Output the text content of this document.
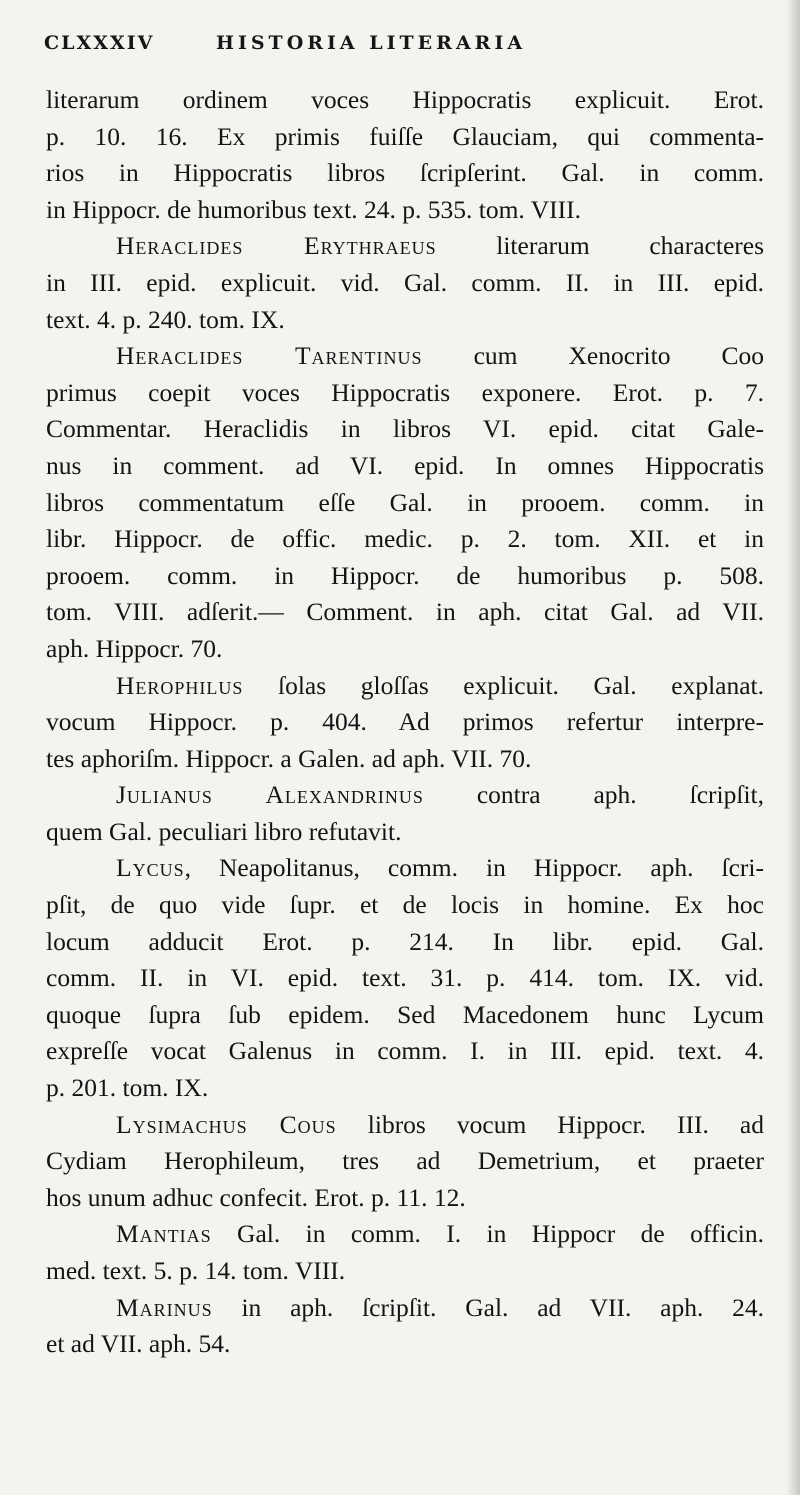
CLXXXIV	HISTORIA LITERARIA

literarum ordinem voces Hippocratis explicuit. Erot.
p. 10. 16. Ex primis fuiſſe Glauciam, qui commenta-
rios in Hippocratis libros ſcripſerint. Gal. in comm.
in Hippocr. de humoribus text. 24. p. 535. tom. VIII.

Heraclides Erythraeus literarum characteres
in III. epid. explicuit. vid. Gal. comm. II. in III. epid.
text. 4. p. 240. tom. IX.

Heraclides Tarentinus cum Xenocrito Coo
primus coepit voces Hippocratis exponere. Erot. p. 7.
Commentar. Heraclidis in libros VI. epid. citat Gale-
nus in comment. ad VI. epid. In omnes Hippocratis
libros commentatum eſſe Gal. in prooem. comm. in
libr. Hippocr. de offic. medic. p. 2. tom. XII. et in
prooem. comm. in Hippocr. de humoribus p. 508.
tom. VIII. adſerit.— Comment. in aph. citat Gal. ad VII.
aph. Hippocr. 70.

Herophilus ſolas gloſſas explicuit. Gal. explanat.
vocum Hippocr. p. 404. Ad primos refertur interpre-
tes aphoriſm. Hippocr. a Galen. ad aph. VII. 70.

Julianus Alexandrinus contra aph. ſcripſit,
quem Gal. peculiari libro refutavit.

Lycus, Neapolitanus, comm. in Hippocr. aph. ſcri-
pſit, de quo vide ſupr. et de locis in homine. Ex hoc
locum adducit Erot. p. 214. In libr. epid. Gal.
comm. II. in VI. epid. text. 31. p. 414. tom. IX. vid.
quoque ſupra ſub epidem. Sed Macedonem hunc Lycum
expreſſe vocat Galenus in comm. I. in III. epid. text. 4.
p. 201. tom. IX.

Lysimachus Cous libros vocum Hippocr. III. ad
Cydiam Herophileum, tres ad Demetrium, et praeter
hos unum adhuc confecit. Erot. p. 11. 12.

Mantias Gal. in comm. I. in Hippocr de officin.
med. text. 5. p. 14. tom. VIII.

Marinus in aph. ſcripſit. Gal. ad VII. aph. 24.
et ad VII. aph. 54.
